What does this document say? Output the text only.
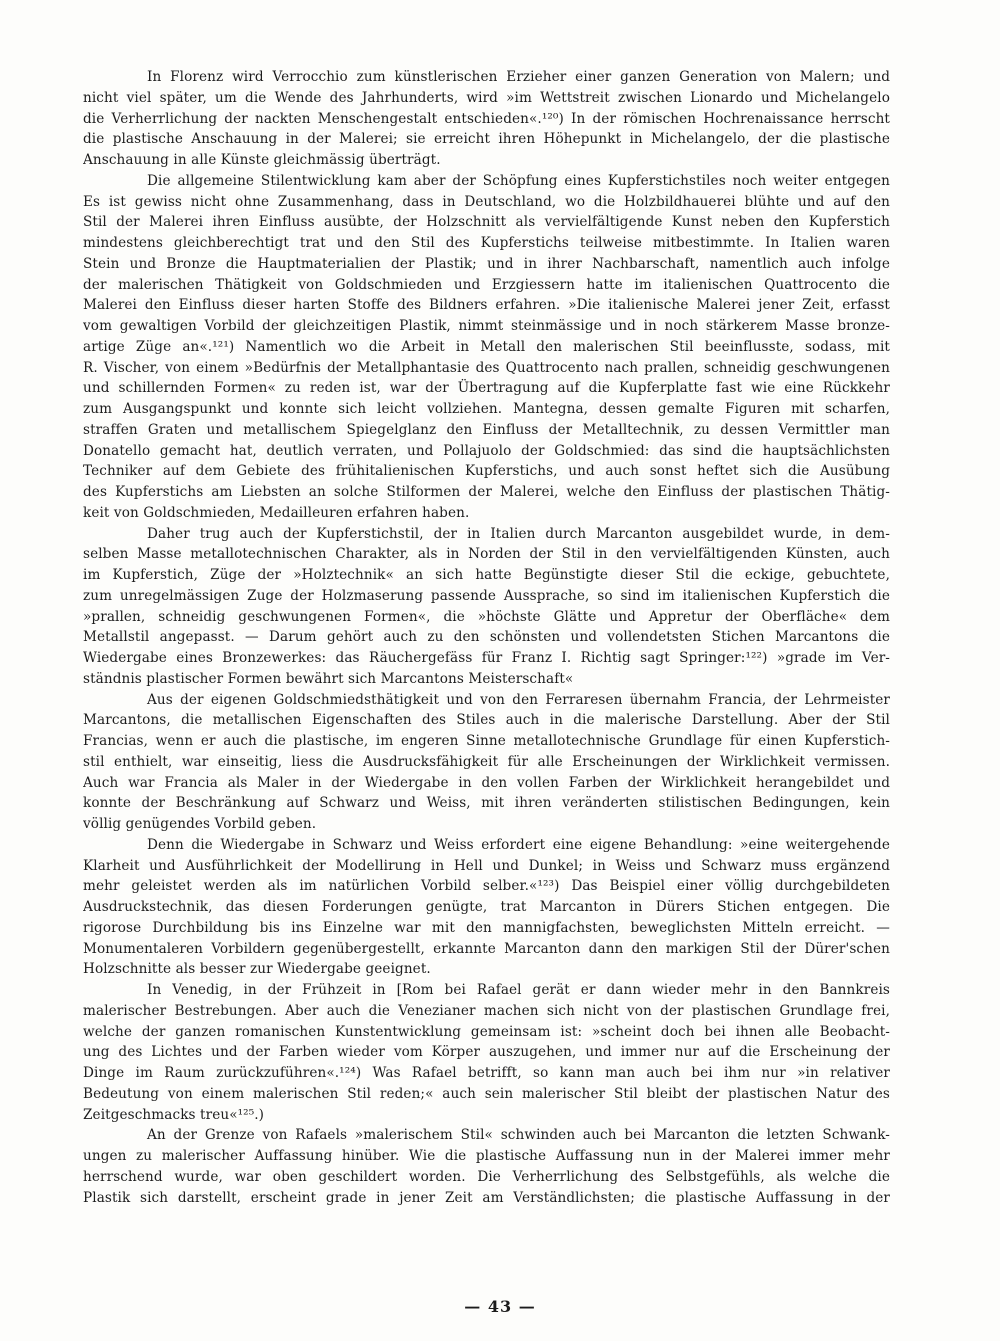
In Florenz wird Verrocchio zum künstlerischen Erzieher einer ganzen Generation von Malern; und

nicht viel später, um die Wende des Jahrhunderts, wird »im Wettstreit zwischen Lionardo und Michelangelo

die Verherrlichung der nackten Menschengestalt entschieden«.¹²⁰) In der römischen Hochrenaissance herrscht

die plastische Anschauung in der Malerei; sie erreicht ihren Höhepunkt in Michelangelo, der die plastische

Anschauung in alle Künste gleichmässig überträgt.

Die allgemeine Stilentwicklung kam aber der Schöpfung eines Kupferstichstiles noch weiter entgegen

Es ist gewiss nicht ohne Zusammenhang, dass in Deutschland, wo die Holzbildhauerei blühte und auf den

Stil der Malerei ihren Einfluss ausübte, der Holzschnitt als vervielfältigende Kunst neben den Kupferstich

mindestens gleichberechtigt trat und den Stil des Kupferstichs teilweise mitbestimmte. In Italien waren

Stein und Bronze die Hauptmaterialien der Plastik; und in ihrer Nachbarschaft, namentlich auch infolge

der malerischen Thätigkeit von Goldschmieden und Erzgiessern hatte im italienischen Quattrocento die

Malerei den Einfluss dieser harten Stoffe des Bildners erfahren. »Die italienische Malerei jener Zeit, erfasst

vom gewaltigen Vorbild der gleichzeitigen Plastik, nimmt steinmässige und in noch stärkerem Masse bronze-

artige Züge an«.¹²¹) Namentlich wo die Arbeit in Metall den malerischen Stil beeinflusste, sodass, mit

R. Vischer, von einem »Bedürfnis der Metallphantasie des Quattrocento nach prallen, schneidig geschwungenen

und schillernden Formen« zu reden ist, war der Übertragung auf die Kupferplatte fast wie eine Rückkehr

zum Ausgangspunkt und konnte sich leicht vollziehen. Mantegna, dessen gemalte Figuren mit scharfen,

straffen Graten und metallischem Spiegelglanz den Einfluss der Metalltechnik, zu dessen Vermittler man

Donatello gemacht hat, deutlich verraten, und Pollajuolo der Goldschmied: das sind die hauptsächlichsten

Techniker auf dem Gebiete des frühitalienischen Kupferstichs, und auch sonst heftet sich die Ausübung

des Kupferstichs am Liebsten an solche Stilformen der Malerei, welche den Einfluss der plastischen Thätig-

keit von Goldschmieden, Medailleuren erfahren haben.

Daher trug auch der Kupferstichstil, der in Italien durch Marcanton ausgebildet wurde, in dem-

selben Masse metallotechnischen Charakter, als in Norden der Stil in den vervielfältigenden Künsten, auch

im Kupferstich, Züge der »Holztechnik« an sich hatte Begünstigte dieser Stil die eckige, gebuchtete,

zum unregelmässigen Zuge der Holzmaserung passende Aussprache, so sind im italienischen Kupferstich die

»prallen, schneidig geschwungenen Formen«, die »höchste Glätte und Appretur der Oberfläche« dem

Metallstil angepasst. — Darum gehört auch zu den schönsten und vollendetsten Stichen Marcantons die

Wiedergabe eines Bronzewerkes: das Räuchergefäss für Franz I. Richtig sagt Springer:¹²²) »grade im Ver-

ständnis plastischer Formen bewährt sich Marcantons Meisterschaft«

Aus der eigenen Goldschmiedsthätigkeit und von den Ferraresen übernahm Francia, der Lehrmeister

Marcantons, die metallischen Eigenschaften des Stiles auch in die malerische Darstellung. Aber der Stil

Francias, wenn er auch die plastische, im engeren Sinne metallotechnische Grundlage für einen Kupferstich-

stil enthielt, war einseitig, liess die Ausdrucksfähigkeit für alle Erscheinungen der Wirklichkeit vermissen.

Auch war Francia als Maler in der Wiedergabe in den vollen Farben der Wirklichkeit herangebildet und

konnte der Beschränkung auf Schwarz und Weiss, mit ihren veränderten stilistischen Bedingungen, kein

völlig genügendes Vorbild geben.

Denn die Wiedergabe in Schwarz und Weiss erfordert eine eigene Behandlung: »eine weitergehende

Klarheit und Ausführlichkeit der Modellirung in Hell und Dunkel; in Weiss und Schwarz muss ergänzend

mehr geleistet werden als im natürlichen Vorbild selber.«¹²³) Das Beispiel einer völlig durchgebildeten

Ausdruckstechnik, das diesen Forderungen genügte, trat Marcanton in Dürers Stichen entgegen. Die

rigorose Durchbildung bis ins Einzelne war mit den mannigfachsten, beweglichsten Mitteln erreicht. —

Monumentaleren Vorbildern gegenübergestellt, erkannte Marcanton dann den markigen Stil der Dürer'schen

Holzschnitte als besser zur Wiedergabe geeignet.

In Venedig, in der Frühzeit in [Rom bei Rafael gerät er dann wieder mehr in den Bannkreis

malerischer Bestrebungen. Aber auch die Venezianer machen sich nicht von der plastischen Grundlage frei,

welche der ganzen romanischen Kunstentwicklung gemeinsam ist: »scheint doch bei ihnen alle Beobacht-

ung des Lichtes und der Farben wieder vom Körper auszugehen, und immer nur auf die Erscheinung der

Dinge im Raum zurückzuführen«.¹²⁴) Was Rafael betrifft, so kann man auch bei ihm nur »in relativer

Bedeutung von einem malerischen Stil reden;« auch sein malerischer Stil bleibt der plastischen Natur des

Zeitgeschmacks treu«¹²⁵.)

An der Grenze von Rafaels »malerischem Stil« schwinden auch bei Marcanton die letzten Schwank-

ungen zu malerischer Auffassung hinüber. Wie die plastische Auffassung nun in der Malerei immer mehr

herrschend wurde, war oben geschildert worden. Die Verherrlichung des Selbstgefühls, als welche die

Plastik sich darstellt, erscheint grade in jener Zeit am Verständlichsten; die plastische Auffassung in der

— 43 —
